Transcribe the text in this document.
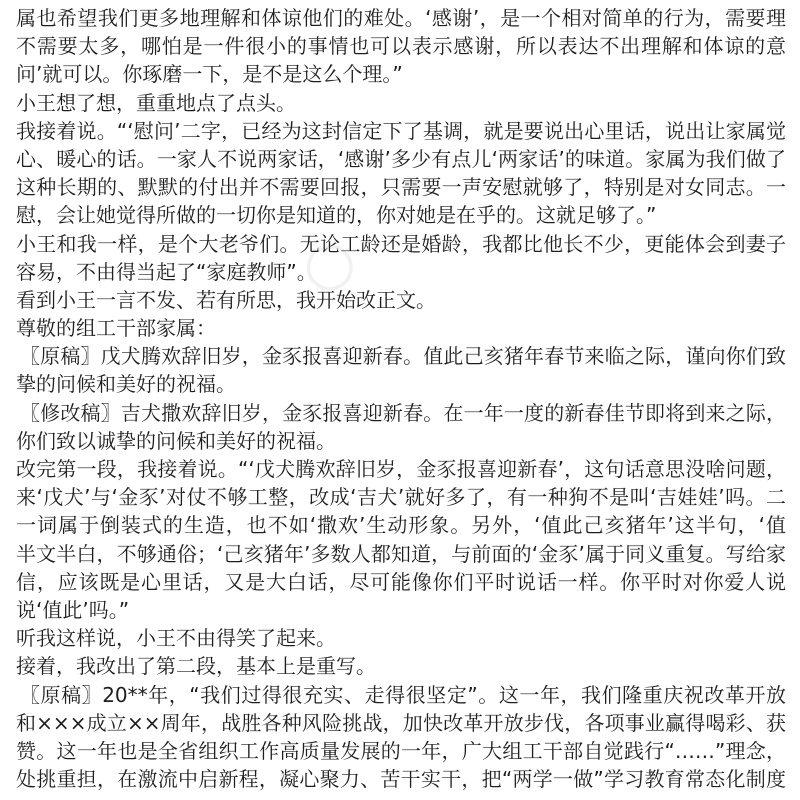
○
属也希望我们更多地理解和体谅他们的难处。‘感谢’，是一个相对简单的行为，需要理
不需要太多，哪怕是一件很小的事情也可以表示感谢，所以表达不出理解和体谅的意
问’就可以。你琢磨一下，是不是这么个理。”
小王想了想，重重地点了点头。
我接着说。“‘慰问’二字，已经为这封信定下了基调，就是要说出心里话，说出让家属觉
心、暖心的话。一家人不说两家话，‘感谢’多少有点儿‘两家话’的味道。家属为我们做了
这种长期的、默默的付出并不需要回报，只需要一声安慰就够了，特别是对女同志。一
慰，会让她觉得所做的一切你是知道的，你对她是在乎的。这就足够了。”
小王和我一样，是个大老爷们。无论工龄还是婚龄，我都比他长不少，更能体会到妻子
容易，不由得当起了“家庭教师”。
看到小王一言不发、若有所思，我开始改正文。
尊敬的组工干部家属：
〖原稿〗戊犬腾欢辞旧岁，金豕报喜迎新春。值此己亥猪年春节来临之际，谨向你们致
挚的问候和美好的祝福。
〖修改稿〗吉犬撒欢辞旧岁，金豕报喜迎新春。在一年一度的新春佳节即将到来之际，
你们致以诚挚的问候和美好的祝福。
改完第一段，我接着说。“‘戊犬腾欢辞旧岁，金豕报喜迎新春’，这句话意思没啥问题，
来‘戊犬’与‘金豕’对仗不够工整，改成‘吉犬’就好多了，有一种狗不是叫‘吉娃娃’吗。二
一词属于倒装式的生造，也不如‘撒欢’生动形象。另外，‘值此己亥猪年’这半句，‘值
半文半白，不够通俗；‘己亥猪年’多数人都知道，与前面的‘金豕’属于同义重复。写给家
信，应该既是心里话，又是大白话，尽可能像你们平时说话一样。你平时对你爱人说
说‘值此’吗。”
听我这样说，小王不由得笑了起来。
接着，我改出了第二段，基本上是重写。
〖原稿〗20**年，“我们过得很充实、走得很坚定”。这一年，我们隆重庆祝改革开放
和×××成立××周年，战胜各种风险挑战，加快改革开放步伐，各项事业赢得喝彩、获
赞。这一年也是全省组织工作高质量发展的一年，广大组工干部自觉践行“……”理念，
处挑重担，在激流中启新程，凝心聚力、苦干实干，把“两学一做”学习教育常态化制度
